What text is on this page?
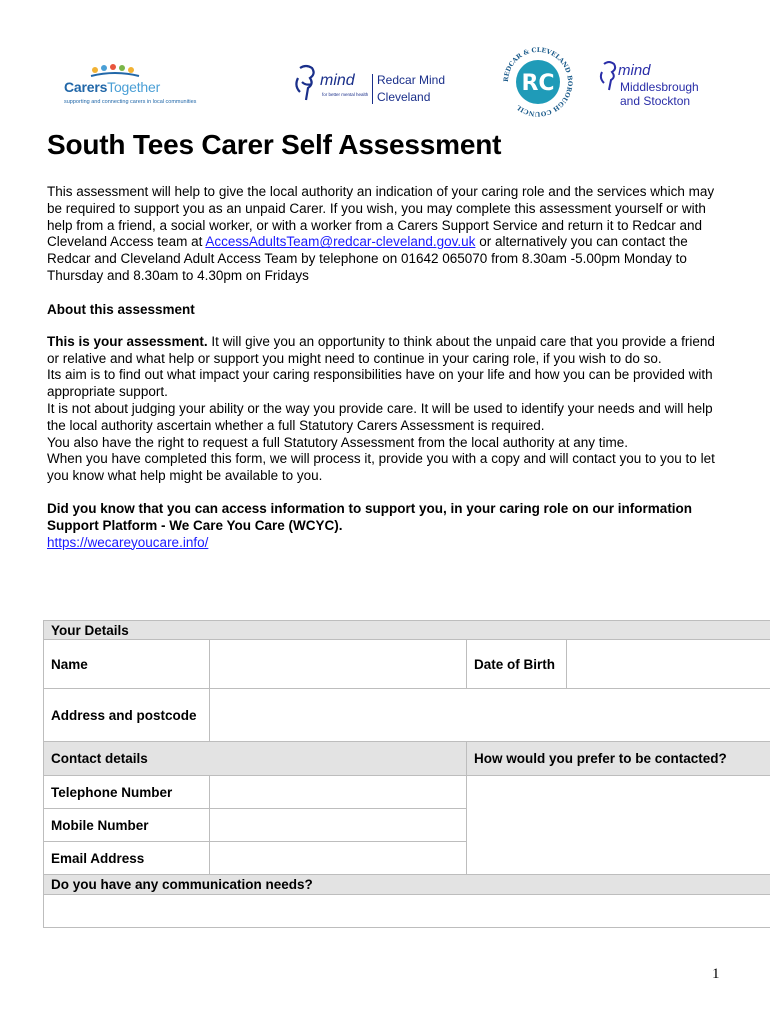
CarersTogether
supporting and connecting carers in local communities
mind
for better mental health
Redcar Mind
Cleveland
REDCAR & CLEVELAND BOROUGH COUNCIL
RC
mind
Middlesbrough
and Stockton
South Tees Carer Self Assessment

This assessment will help to give the local authority an indication of your caring role and the services which may be required to support you as an unpaid Carer. If you wish, you may complete this assessment yourself or with help from a friend, a social worker, or with a worker from a Carers Support Service and return it to Redcar and Cleveland Access team at AccessAdultsTeam@redcar-cleveland.gov.uk or alternatively you can contact the Redcar and Cleveland Adult Access Team by telephone on 01642 065070 from 8.30am -5.00pm Monday to Thursday and 8.30am to 4.30pm on Fridays

About this assessment

This is your assessment. It will give you an opportunity to think about the unpaid care that you provide a friend or relative and what help or support you might need to continue in your caring role, if you wish to do so.

Its aim is to find out what impact your caring responsibilities have on your life and how you can be provided with appropriate support.

It is not about judging your ability or the way you provide care. It will be used to identify your needs and will help the local authority ascertain whether a full Statutory Carers Assessment is required.

You also have the right to request a full Statutory Assessment from the local authority at any time.

When you have completed this form, we will process it, provide you with a copy and will contact you to you to let you know what help might be available to you.

Did you know that you can access information to support you, in your caring role on our information Support Platform - We Care You Care (WCYC).

https://wecareyoucare.info/

Your Details			
Name		Date of Birth	
Address and postcode			
Contact details		How would you prefer to be contacted?	
Telephone Number			
Mobile Number			
Email Address			
Do you have any communication needs?			

1
